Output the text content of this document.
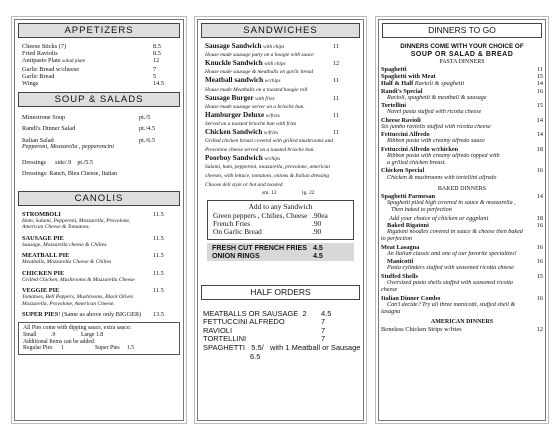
APPETIZERS
Cheese Sticks (7)	8.5
Fried Raviolis	8.5
Antipasto Plate salad plate	12
Garlic Bread w/cheese	7
Garlic Bread	5
Wings	14.5
SOUP & SALADS
Minestrone Soup	pt./5
Randi's Dinner Salad	pt./4.5
Italian Salad	pt./6.5
Pepperoni, Mozzarella , pepperoncini
Dressings      side/.9    pt./5.5
Dressings: Ranch, Bleu Cheese, Italian
CANOLIS
STROMBOLI	11.5
Ham, Salami, Pepperoni, Mozzarella, Provolone,
American Cheese & Tomatoes.
SAUSAGE PIE	11.5
Sausage, Mozzarella cheese & Chilies.
MEATBALL PIE	11.5
Meatballs, Mozzarella Cheese & Chilies
CHICKEN PIE	11.5
Grilled Chicken, Mushrooms & Mozzarella Cheese
VEGGIE PIE	11.5
Tomatoes, Bell Peppers, Mushrooms, Black Olives
Mozzarella, Provolone, American Cheese.
SUPER PIES! (Same as above only BIGGER)	13.5
All Pies come with dipping sauce, extra sauce:
Small          .9	Large 1.8
Additional Items can be added:
Regular Pies      1	Super Pies     1.5
SANDWICHES
Sausage Sandwich with chips	11
House made sausage patty on a hoagie with sauce
Knuckle Sandwich with chips	12
House made sausage & meatballs on garlic bread
Meatball sandwich w/chips	11
House made Meatballs on a toasted hoagie roll
Sausage Burger with fries	11
House made sausage server on a brioche bun.
Hamburger Deluxe w/fries	11
Served on a toasted brioche bun with fries
Chicken Sandwich w/fries	11
Grilled chicken breast covered with grilled mushrooms and
Provolone cheese served on a toasted brioche bun.
Poorboy Sandwich w/chips
Salami, ham, pepperoni, mozzarella, provolone, american
cheeses, with lettuce, tomatoes, onions & Italian dressing
Choose deli style or hot and toasted
sm. 12	lg. 22
Add to any Sandwich
Green peppers , Chilies, Cheese .90ea
French Fries	.90
On Garlic Bread	.90
FRESH CUT FRENCH FRIES 4.5
ONION RINGS	4.5
HALF ORDERS
MEATBALLS OR SAUSAGE  2	4.5
FETTUCCINI ALFREDO	7
RAVIOLI	7
TORTELLINI	7
SPAGHETTI   5.5/   with 1 Meatball or Sausage
6.5
DINNERS TO GO
DINNERS COME WITH YOUR CHOICE OF
SOUP OR SALAD & BREAD
PASTA DINNERS
Spaghetti	11
Spaghetti with Meat	15
Half & Half Ravioli & spaghetti	14
Randi's Special	16
Ravioli, spaghetti & meatball & sausage
Tortellini	15
Navel pasta stuffed with ricotta cheese
Cheese Ravioli	14
Six jumbo raviolis stuffed with ricotta cheese
Fettuccini Alfredo	14
Ribbon pasta with creamy alfredo sauce
Fettuccini Alfredo w/chicken	18
Ribbon pasta with creamy alfredo topped with
a grilled chicken breast.
Chicken Special	16
Chicken & mushrooms with tortellini alfredo
BAKED DINNERS
Spaghetti Parmesan	14
Spaghetti piled high covered in sauce & mozzarella ,
Then baked to perfection
Add your choice of chicken or eggplant	18
Baked Rigatoni	16
Rigatoni noodles covered in sauce & cheese then baked
to perfection
Meat Lasagna	16
An Italian classic and one of our favorite specialties!
Manicotti	16
Pasta cylinders stuffed with seasoned ricotta cheese
Stuffed Shells	15
Oversized pasta shells stuffed with seasoned ricotta
cheese
Italian Dinner Combo	16
Can't decide? Try all three manicotti, stuffed shell &
lasagna
AMERICAN DINNERS
Boneless Chicken Strips w/fries	12
